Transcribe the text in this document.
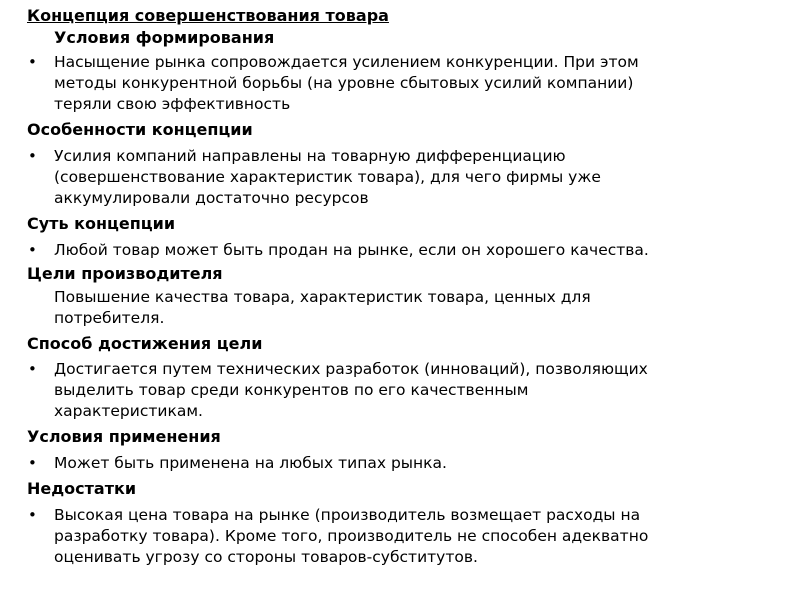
Концепция совершенствования товара
Условия формирования
• Насыщение рынка сопровождается усилением конкуренции. При этом
методы конкурентной борьбы (на уровне сбытовых усилий компании)
теряли свою эффективность
Особенности концепции
• Усилия компаний направлены на товарную дифференциацию
(совершенствование характеристик товара), для чего фирмы уже
аккумулировали достаточно ресурсов
Суть концепции
• Любой товар может быть продан на рынке, если он хорошего качества.
Цели производителя
Повышение качества товара, характеристик товара, ценных для
потребителя.
Способ достижения цели
• Достигается путем технических разработок (инноваций), позволяющих
выделить товар среди конкурентов по его качественным
характеристикам.
Условия применения
• Может быть применена на любых типах рынка.
Недостатки
• Высокая цена товара на рынке (производитель возмещает расходы на
разработку товара). Кроме того, производитель не способен адекватно
оценивать угрозу со стороны товаров-субститутов.
